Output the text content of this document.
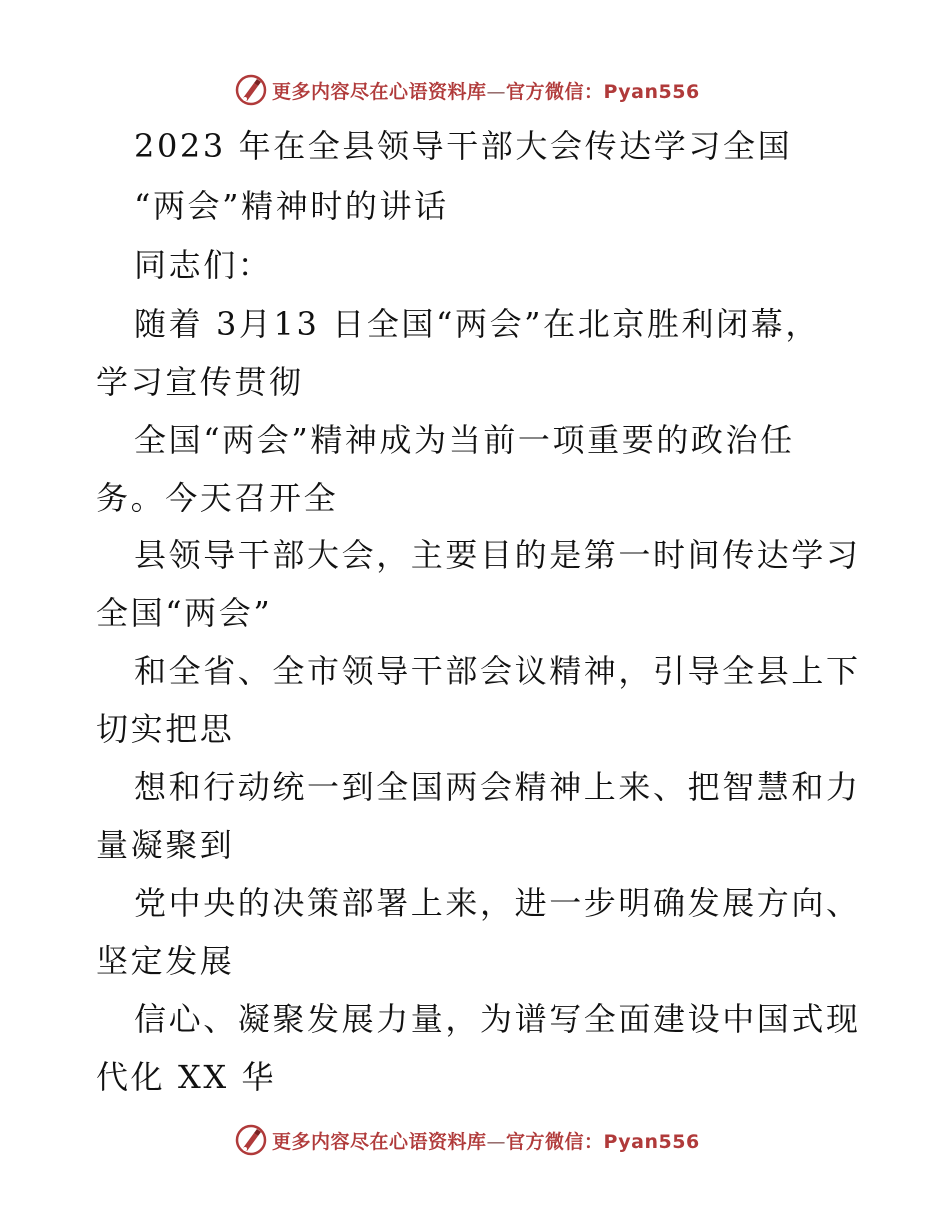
更多内容尽在心语资料库—官方微信：Pyan556
2023 年在全县领导干部大会传达学习全国
“两会”精神时的讲话
同志们：
随着 3月13 日全国“两会”在北京胜利闭幕，
学习宣传贯彻
全国“两会”精神成为当前一项重要的政治任
务。今天召开全
县领导干部大会，主要目的是第一时间传达学习
全国“两会”
和全省、全市领导干部会议精神，引导全县上下
切实把思
想和行动统一到全国两会精神上来、把智慧和力
量凝聚到
党中央的决策部署上来，进一步明确发展方向、
坚定发展
信心、凝聚发展力量，为谱写全面建设中国式现
代化 XX 华
更多内容尽在心语资料库—官方微信：Pyan556
